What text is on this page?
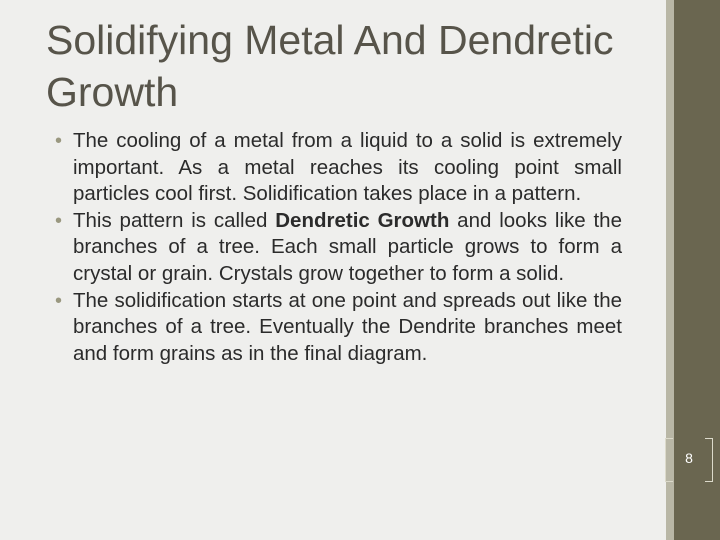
Solidifying Metal And Dendretic Growth
• The cooling of a metal from a liquid to a solid is extremely important. As a metal reaches its cooling point small particles cool first. Solidification takes place in a pattern.
• This pattern is called Dendretic Growth and looks like the branches of a tree. Each small particle grows to form a crystal or grain. Crystals grow together to form a solid.
• The solidification starts at one point and spreads out like the branches of a tree. Eventually the Dendrite branches meet and form grains as in the final diagram.
8
